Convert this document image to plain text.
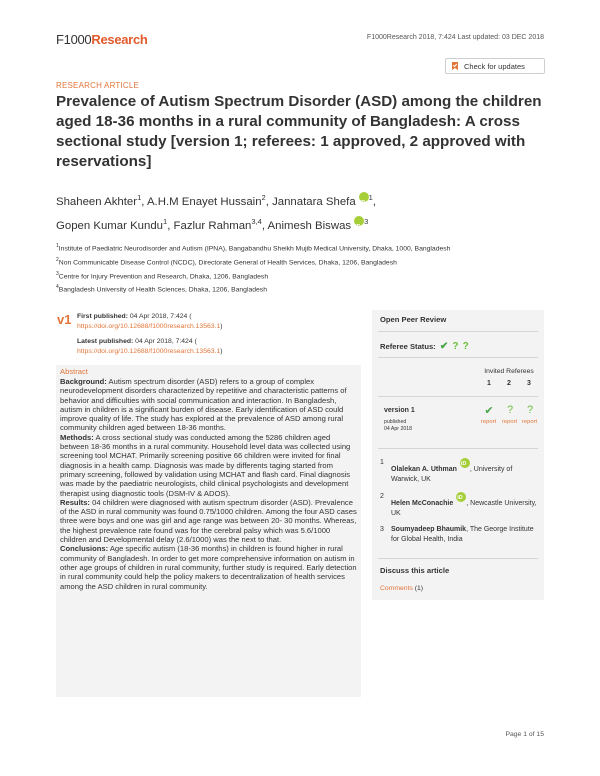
F1000Research	F1000Research 2018, 7:424 Last updated: 03 DEC 2018
Check for updates
RESEARCH ARTICLE
Prevalence of Autism Spectrum Disorder (ASD) among the children aged 18-36 months in a rural community of Bangladesh: A cross sectional study [version 1; referees: 1 approved, 2 approved with reservations]
Shaheen Akhter$^1$, A.H.M Enayet Hussain$^2$, Jannatara Shefa iD $^1$,
Gopen Kumar Kundu$^1$, Fazlur Rahman$^{3,4}$, Animesh Biswas iD $^3$
$^1$Institute of Paediatric Neurodisorder and Autism (IPNA), Bangabandhu Sheikh Mujib Medical University, Dhaka, 1000, Bangladesh
$^2$Non Communicable Disease Control (NCDC), Directorate General of Health Services, Dhaka, 1206, Bangladesh
$^3$Centre for Injury Prevention and Research, Dhaka, 1206, Bangladesh
$^4$Bangladesh University of Health Sciences, Dhaka, 1206, Bangladesh
v1 First published: 04 Apr 2018, 7:424 (
https://doi.org/10.12688/f1000research.13563.1)
Latest published: 04 Apr 2018, 7:424 (
https://doi.org/10.12688/f1000research.13563.1)
Abstract

Background: Autism spectrum disorder (ASD) refers to a group of complex neurodevelopment disorders characterized by repetitive and characteristic patterns of behavior and difficulties with social communication and interaction. In Bangladesh, autism in children is a significant burden of disease. Early identification of ASD could improve quality of life. The study has explored at the prevalence of ASD among rural community children aged between 18-36 months.

Methods: A cross sectional study was conducted among the 5286 children aged between 18-36 months in a rural community. Household level data was collected using screening tool MCHAT. Primarily screening positive 66 children were invited for final diagnosis in a health camp. Diagnosis was made by differents taging started from primary screening, followed by validation using MCHAT and flash card. Final diagnosis was made by the paediatric neurologists, child clinical psychologists and development therapist using diagnostic tools (DSM-IV & ADOS).

Results: 04 children were diagnosed with autism spectrum disorder (ASD). Prevalence of the ASD in rural community was found 0.75/1000 children. Among the four ASD cases three were boys and one was girl and age range was between 20- 30 months. Whereas, the highest prevalence rate found was for the cerebral palsy which was 5.6/1000 children and Developmental delay (2.6/1000) was the next to that.

Conclusions: Age specific autism (18-36 months) in children is found higher in rural community of Bangladesh. In order to get more comprehensive information on autism in other age groups of children in rural community, further study is required. Early detection in rural community could help the policy makers to decentralization of health services among the ASD children in rural community.

Open Peer Review
Referee Status: ✔ ? ?
Invited Referees
1 2 3
version 1
published
04 Apr 2018
✔	?	?
report report report
1
Olalekan A. UthmaniD , University of Warwick, UK
2
Helen McConachieiD , Newcastle University, UK
3 Soumyadeep Bhaumik, The George Institute for Global Health, India
Discuss this article
Comments (1)
Page 1 of 15
